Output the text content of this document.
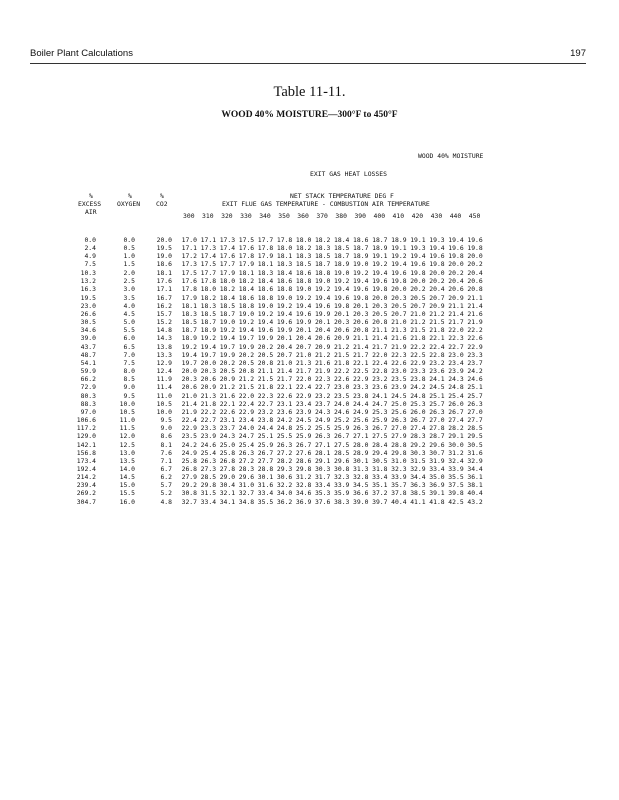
Boiler Plant Calculations	197
Table 11-11.
WOOD 40% MOISTURE—300°F to 450°F
WOOD 40% MOISTURE
EXIT GAS HEAT LOSSES
%
EXCESS
AIR
%
OXYGEN
%
CO2
NET STACK TEMPERATURE DEG F
EXIT FLUE GAS TEMPERATURE - COMBUSTION AIR TEMPERATURE
300 310 320 330 340 350 360 370 380 390 400 410 420 430 440 450
0.0	0.0	20.0	17.0 17.1 17.3 17.5 17.7 17.8 18.0 18.2 18.4 18.6 18.7 18.9 19.1 19.3 19.4 19.6
2.4	0.5	19.5	17.1 17.3 17.4 17.6 17.8 18.0 18.2 18.3 18.5 18.7 18.9 19.1 19.3 19.4 19.6 19.8
4.9	1.0	19.0	17.2 17.4 17.6 17.8 17.9 18.1 18.3 18.5 18.7 18.9 19.1 19.2 19.4 19.6 19.8 20.0
7.5	1.5	18.6	17.3 17.5 17.7 17.9 18.1 18.3 18.5 18.7 18.9 19.0 19.2 19.4 19.6 19.8 20.0 20.2
10.3	2.0	18.1	17.5 17.7 17.9 18.1 18.3 18.4 18.6 18.8 19.0 19.2 19.4 19.6 19.8 20.0 20.2 20.4
13.2	2.5	17.6	17.6 17.8 18.0 18.2 18.4 18.6 18.8 19.0 19.2 19.4 19.6 19.8 20.0 20.2 20.4 20.6
16.3	3.0	17.1	17.8 18.0 18.2 18.4 18.6 18.8 19.0 19.2 19.4 19.6 19.8 20.0 20.2 20.4 20.6 20.8
19.5	3.5	16.7	17.9 18.2 18.4 18.6 18.8 19.0 19.2 19.4 19.6 19.8 20.0 20.3 20.5 20.7 20.9 21.1
23.0	4.0	16.2	18.1 18.3 18.5 18.8 19.0 19.2 19.4 19.6 19.8 20.1 20.3 20.5 20.7 20.9 21.1 21.4
26.6	4.5	15.7	18.3 18.5 18.7 19.0 19.2 19.4 19.6 19.9 20.1 20.3 20.5 20.7 21.0 21.2 21.4 21.6
30.5	5.0	15.2	18.5 18.7 19.0 19.2 19.4 19.6 19.9 20.1 20.3 20.6 20.8 21.0 21.2 21.5 21.7 21.9
34.6	5.5	14.8	18.7 18.9 19.2 19.4 19.6 19.9 20.1 20.4 20.6 20.8 21.1 21.3 21.5 21.8 22.0 22.2
39.0	6.0	14.3	18.9 19.2 19.4 19.7 19.9 20.1 20.4 20.6 20.9 21.1 21.4 21.6 21.8 22.1 22.3 22.6
43.7	6.5	13.8	19.2 19.4 19.7 19.9 20.2 20.4 20.7 20.9 21.2 21.4 21.7 21.9 22.2 22.4 22.7 22.9
48.7	7.0	13.3	19.4 19.7 19.9 20.2 20.5 20.7 21.0 21.2 21.5 21.7 22.0 22.3 22.5 22.8 23.0 23.3
54.1	7.5	12.9	19.7 20.0 20.2 20.5 20.8 21.0 21.3 21.6 21.8 22.1 22.4 22.6 22.9 23.2 23.4 23.7
59.9	8.0	12.4	20.0 20.3 20.5 20.8 21.1 21.4 21.7 21.9 22.2 22.5 22.8 23.0 23.3 23.6 23.9 24.2
66.2	8.5	11.9	20.3 20.6 20.9 21.2 21.5 21.7 22.0 22.3 22.6 22.9 23.2 23.5 23.8 24.1 24.3 24.6
72.9	9.0	11.4	20.6 20.9 21.2 21.5 21.8 22.1 22.4 22.7 23.0 23.3 23.6 23.9 24.2 24.5 24.8 25.1
80.3	9.5	11.0	21.0 21.3 21.6 22.0 22.3 22.6 22.9 23.2 23.5 23.8 24.1 24.5 24.8 25.1 25.4 25.7
88.3	10.0	10.5	21.4 21.8 22.1 22.4 22.7 23.1 23.4 23.7 24.0 24.4 24.7 25.0 25.3 25.7 26.0 26.3
97.0	10.5	10.0	21.9 22.2 22.6 22.9 23.2 23.6 23.9 24.3 24.6 24.9 25.3 25.6 26.0 26.3 26.7 27.0
106.6	11.0	9.5	22.4 22.7 23.1 23.4 23.8 24.2 24.5 24.9 25.2 25.6 25.9 26.3 26.7 27.0 27.4 27.7
117.2	11.5	9.0	22.9 23.3 23.7 24.0 24.4 24.8 25.2 25.5 25.9 26.3 26.7 27.0 27.4 27.8 28.2 28.5
129.0	12.0	8.6	23.5 23.9 24.3 24.7 25.1 25.5 25.9 26.3 26.7 27.1 27.5 27.9 28.3 28.7 29.1 29.5
142.1	12.5	8.1	24.2 24.6 25.0 25.4 25.9 26.3 26.7 27.1 27.5 28.0 28.4 28.8 29.2 29.6 30.0 30.5
156.8	13.0	7.6	24.9 25.4 25.8 26.3 26.7 27.2 27.6 28.1 28.5 28.9 29.4 29.8 30.3 30.7 31.2 31.6
173.4	13.5	7.1	25.8 26.3 26.8 27.2 27.7 28.2 28.6 29.1 29.6 30.1 30.5 31.0 31.5 31.9 32.4 32.9
192.4	14.0	6.7	26.8 27.3 27.8 28.3 28.8 29.3 29.8 30.3 30.8 31.3 31.8 32.3 32.9 33.4 33.9 34.4
214.2	14.5	6.2	27.9 28.5 29.0 29.6 30.1 30.6 31.2 31.7 32.3 32.8 33.4 33.9 34.4 35.0 35.5 36.1
239.4	15.0	5.7	29.2 29.8 30.4 31.0 31.6 32.2 32.8 33.4 33.9 34.5 35.1 35.7 36.3 36.9 37.5 38.1
269.2	15.5	5.2	30.8 31.5 32.1 32.7 33.4 34.0 34.6 35.3 35.9 36.6 37.2 37.8 38.5 39.1 39.8 40.4
304.7	16.0	4.8	32.7 33.4 34.1 34.8 35.5 36.2 36.9 37.6 38.3 39.0 39.7 40.4 41.1 41.8 42.5 43.2
